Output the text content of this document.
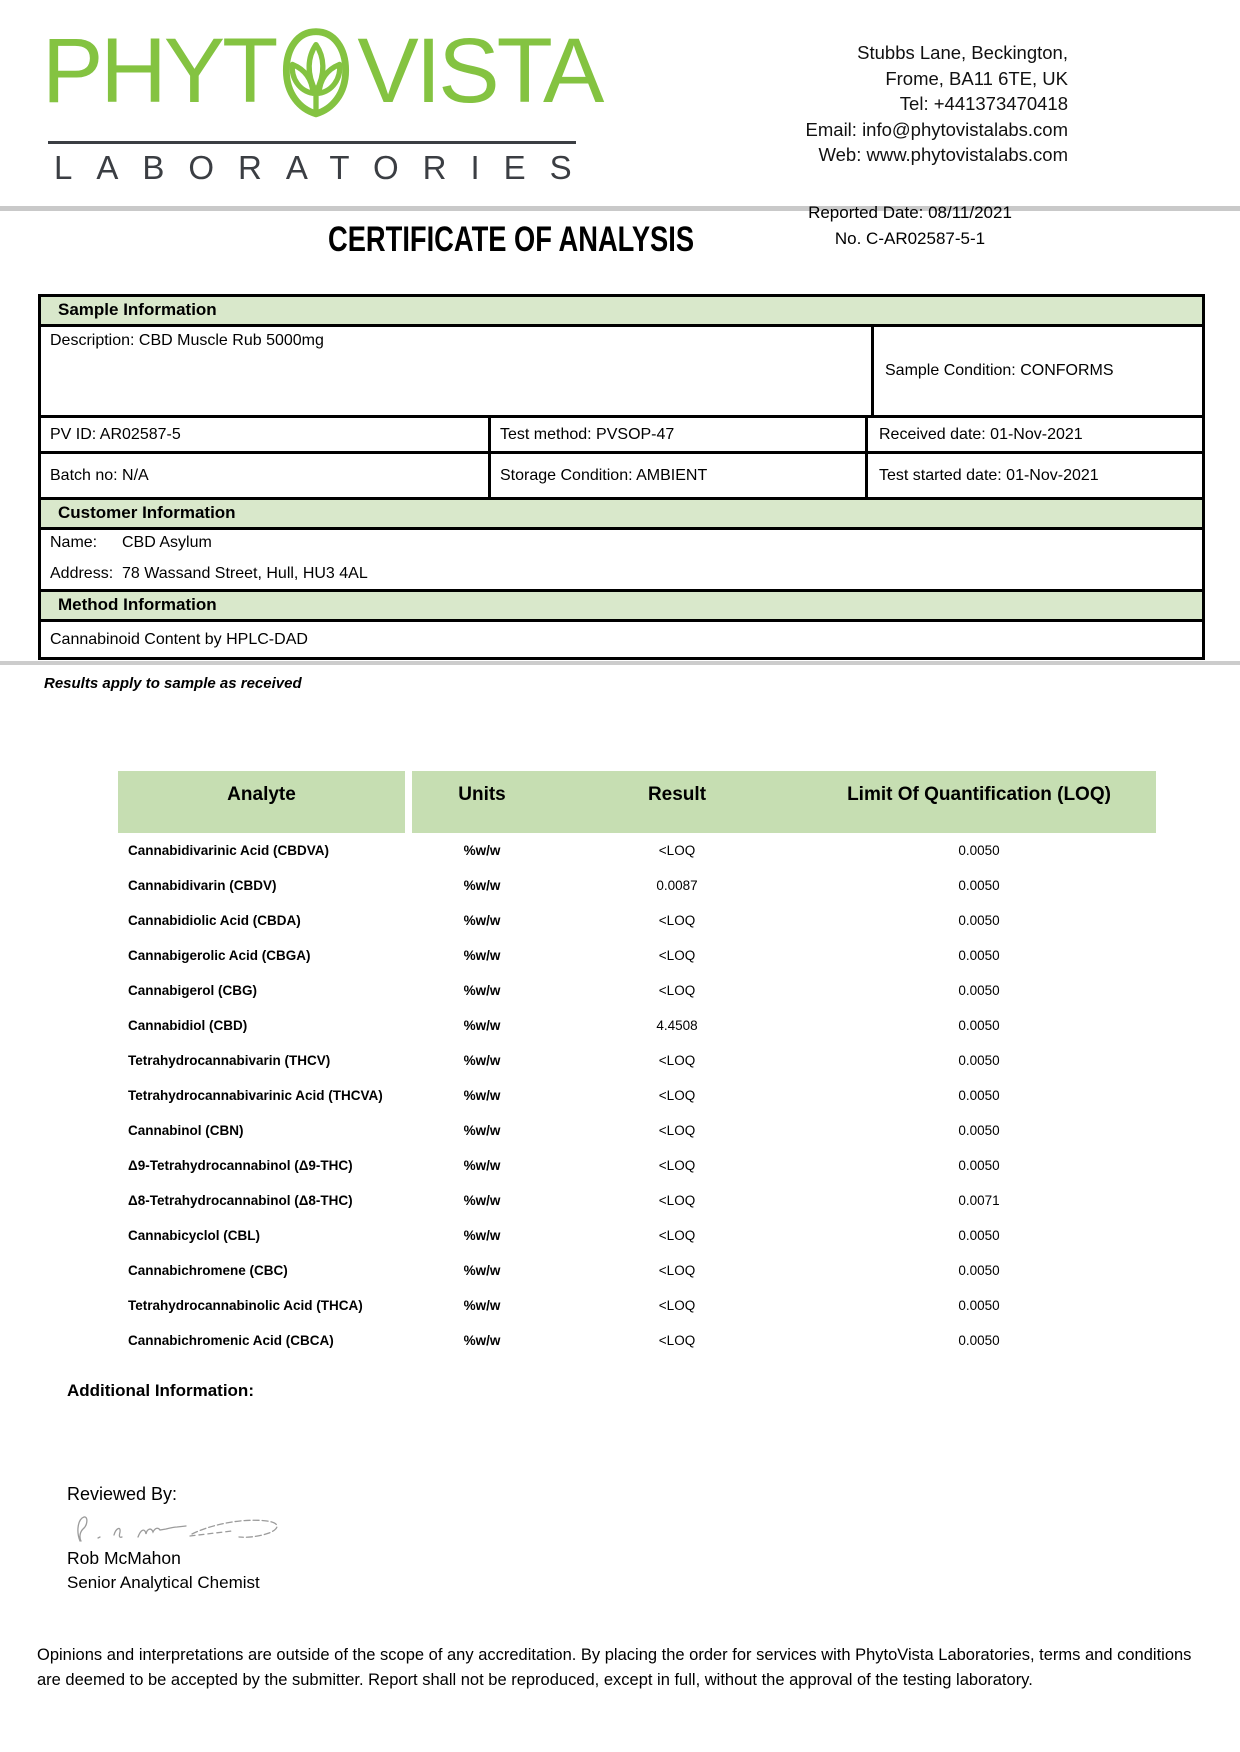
PHYT VISTA
LABORATORIES
Stubbs Lane, Beckington,
Frome, BA11 6TE, UK
Tel: +441373470418
Email: info@phytovistalabs.com
Web: www.phytovistalabs.com
CERTIFICATE OF ANALYSIS
Reported Date: 08/11/2021
No. C-AR02587-5-1
Sample Information
Description: CBD Muscle Rub 5000mg
Sample Condition: CONFORMS
PV ID: AR02587-5	Test method: PVSOP-47	Received date: 01-Nov-2021
Batch no: N/A	Storage Condition: AMBIENT	Test started date: 01-Nov-2021
Customer Information
Name: CBD Asylum
Address: 78 Wassand Street, Hull, HU3 4AL
Method Information
Cannabinoid Content by HPLC-DAD
Results apply to sample as received
Analyte	Units	Result	Limit Of Quantification (LOQ)
Cannabidivarinic Acid (CBDVA)	%w/w	<LOQ	0.0050
Cannabidivarin (CBDV)	%w/w	0.0087	0.0050
Cannabidiolic Acid (CBDA)	%w/w	<LOQ	0.0050
Cannabigerolic Acid (CBGA)	%w/w	<LOQ	0.0050
Cannabigerol (CBG)	%w/w	<LOQ	0.0050
Cannabidiol (CBD)	%w/w	4.4508	0.0050
Tetrahydrocannabivarin (THCV)	%w/w	<LOQ	0.0050
Tetrahydrocannabivarinic Acid (THCVA)	%w/w	<LOQ	0.0050
Cannabinol (CBN)	%w/w	<LOQ	0.0050
Δ9-Tetrahydrocannabinol (Δ9-THC)	%w/w	<LOQ	0.0050
Δ8-Tetrahydrocannabinol (Δ8-THC)	%w/w	<LOQ	0.0071
Cannabicyclol (CBL)	%w/w	<LOQ	0.0050
Cannabichromene (CBC)	%w/w	<LOQ	0.0050
Tetrahydrocannabinolic Acid (THCA)	%w/w	<LOQ	0.0050
Cannabichromenic Acid (CBCA)	%w/w	<LOQ	0.0050
Additional Information:
Reviewed By:
Rob McMahon
Senior Analytical Chemist
Opinions and interpretations are outside of the scope of any accreditation. By placing the order for services with PhytoVista Laboratories, terms and conditions are deemed to be accepted by the submitter. Report shall not be reproduced, except in full, without the approval of the testing laboratory.
